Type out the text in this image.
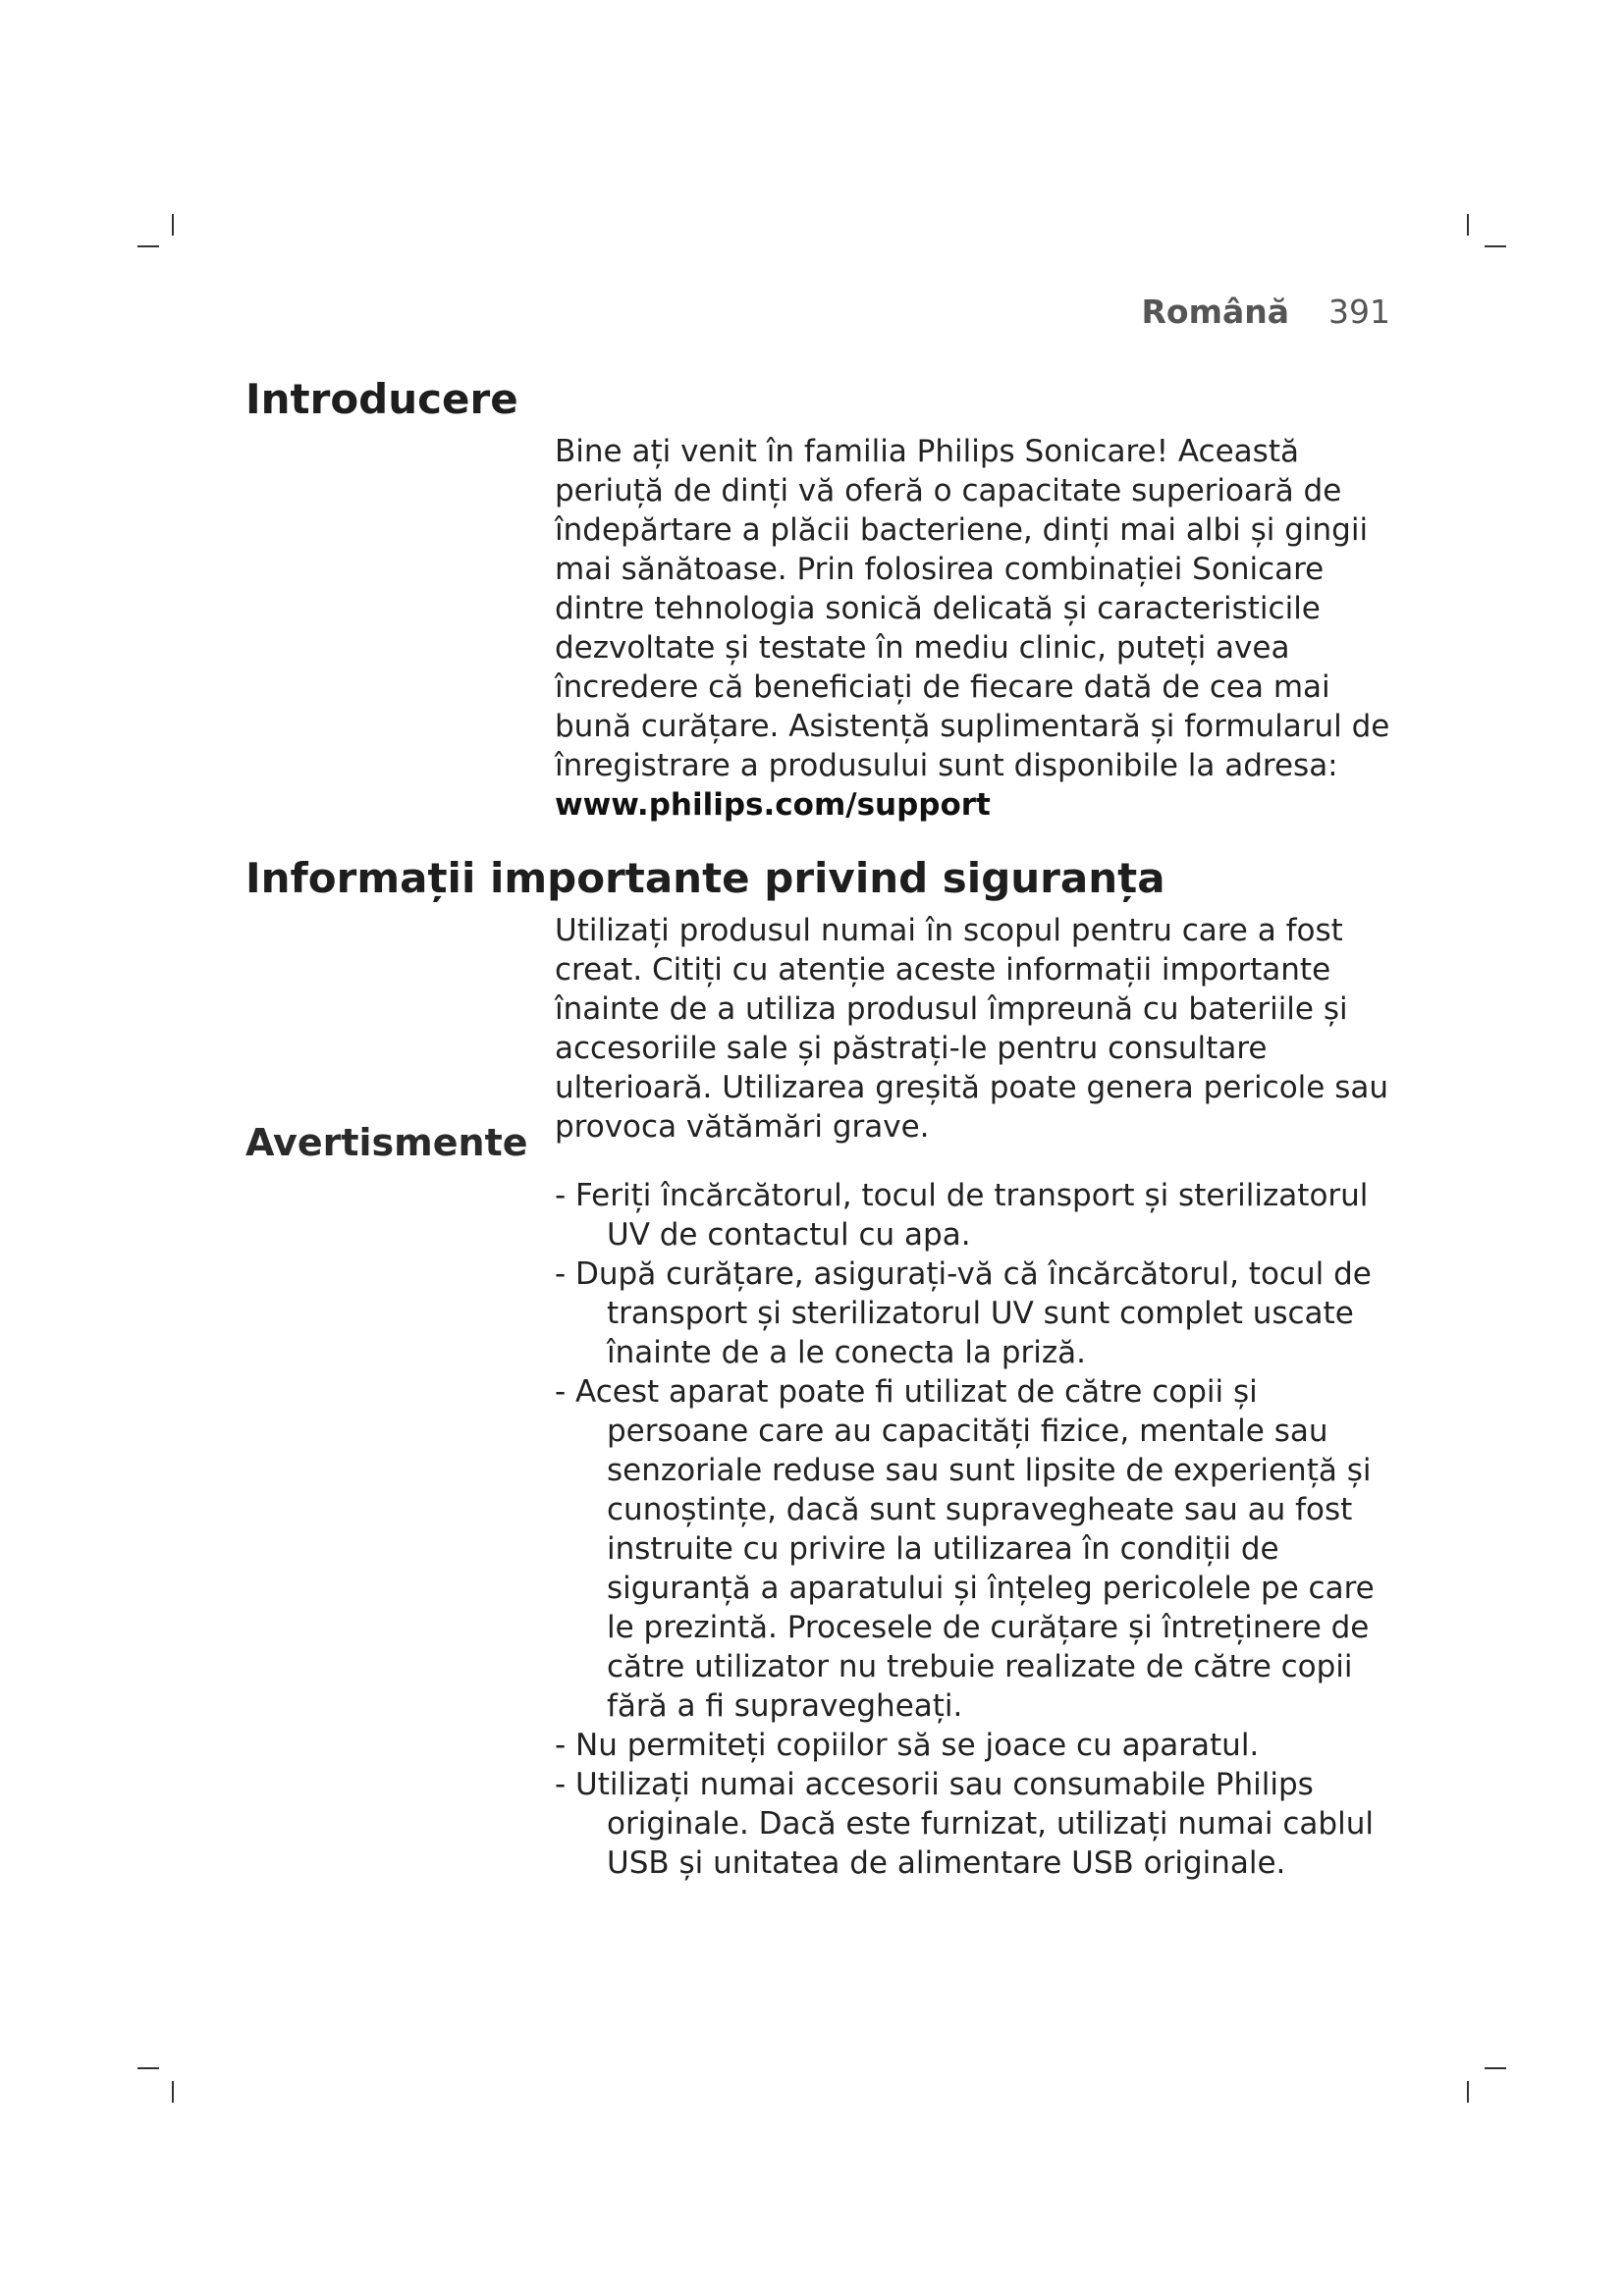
Română 391
Introducere

Bine ați venit în familia Philips Sonicare! Această periuță de dinți vă oferă o capacitate superioară de îndepărtare a plăcii bacteriene, dinți mai albi și gingii mai sănătoase. Prin folosirea combinației Sonicare dintre tehnologia sonică delicată și caracteristicile dezvoltate și testate în mediu clinic, puteți avea încredere că beneficiați de fiecare dată de cea mai bună curățare. Asistență suplimentară și formularul de înregistrare a produsului sunt disponibile la adresa:

www.philips.com/support

Informații importante privind siguranța

Utilizați produsul numai în scopul pentru care a fost creat. Citiți cu atenție aceste informații importante înainte de a utiliza produsul împreună cu bateriile și accesoriile sale și păstrați-le pentru consultare ulterioară. Utilizarea greșită poate genera pericole sau provoca vătămări grave.

Avertismente
- Feriți încărcătorul, tocul de transport și sterilizatorul UV de contactul cu apa.
- După curățare, asigurați-vă că încărcătorul, tocul de transport și sterilizatorul UV sunt complet uscate înainte de a le conecta la priză.
- Acest aparat poate fi utilizat de către copii și persoane care au capacități fizice, mentale sau senzoriale reduse sau sunt lipsite de experiență și cunoștințe, dacă sunt supravegheate sau au fost instruite cu privire la utilizarea în condiții de siguranță a aparatului și înțeleg pericolele pe care le prezintă. Procesele de curățare și întreținere de către utilizator nu trebuie realizate de către copii fără a fi supravegheați.
- Nu permiteți copiilor să se joace cu aparatul.
- Utilizați numai accesorii sau consumabile Philips originale. Dacă este furnizat, utilizați numai cablul USB și unitatea de alimentare USB originale.
